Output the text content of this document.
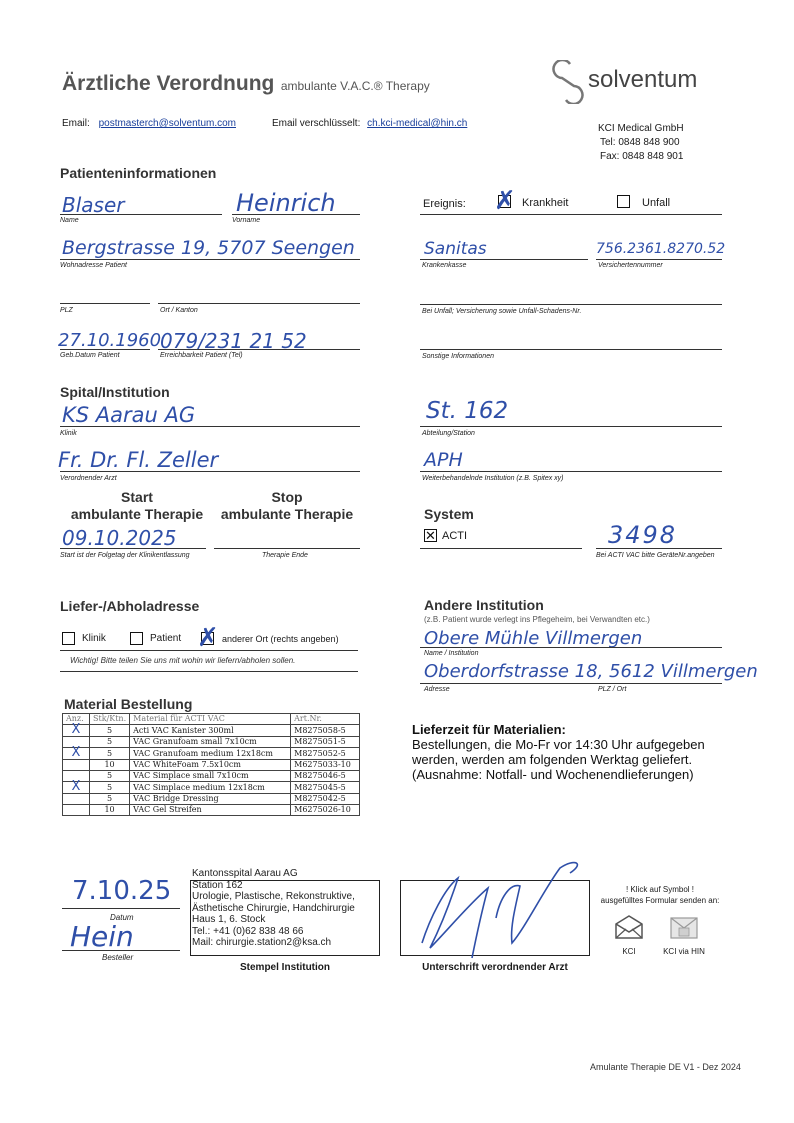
Ärztliche Verordnung ambulante V.A.C.® Therapy	solventum
Email: postmasterch@solventum.com	Email verschlüsselt: ch.kci-medical@hin.ch	KCI Medical GmbH
Tel: 0848 848 900
Fax: 0848 848 901
Patienteninformationen
Blaser
Name
Heinrich
Vorname
Bergstrasse 19, 5707 Seengen
Wohnadresse Patient
PLZ	Ort / Kanton
27.10.1960
Geb.Datum Patient
079/231 21 52
Erreichbarkeit Patient (Tel)
Ereignis: ✗ Krankheit	Unfall
Sanitas
Krankenkasse
756.2361.8270.52
Versichertennummer
Bei Unfall; Versicherung sowie Unfall-Schadens-Nr.
Sonstige Informationen
Spital/Institution
KS Aarau AG
Klinik
Fr. Dr. Fl. Zeller
Verordnender Arzt
St. 162
Abteilung/Station
APH
Weiterbehandelnde Institution (z.B. Spitex xy)
Start
ambulante Therapie
Stop
ambulante Therapie
09.10.2025
Start ist der Folgetag der Klinikentlassung	Therapie Ende
System
✕ ACTI	3498
Bei ACTI VAC bitte GeräteNr.angeben
Liefer-/Abholadresse
Klinik	Patient ✗ anderer Ort (rechts angeben)
Wichtig! Bitte teilen Sie uns mit wohin wir liefern/abholen sollen.
Andere Institution
(z.B. Patient wurde verlegt ins Pflegeheim, bei Verwandten etc.)
Obere Mühle Villmergen
Name / Institution
Oberdorfstrasse 18, 5612 Villmergen
Adresse	PLZ / Ort
Material Bestellung
Anz.	Stk/Ktn.	Material für ACTI VAC	Art.Nr.
X	5	Acti VAC Kanister 300ml	M8275058-5
	5	VAC Granufoam small 7x10cm	M8275051-5
X	5	VAC Granufoam medium 12x18cm	M8275052-5
	10	VAC WhiteFoam 7.5x10cm	M6275033-10
	5	VAC Simplace small 7x10cm	M8275046-5
X	5	VAC Simplace medium 12x18cm	M8275045-5
	5	VAC Bridge Dressing	M8275042-5
	10	VAC Gel Streifen	M6275026-10
Lieferzeit für Materialien:
Bestellungen, die Mo-Fr vor 14:30 Uhr aufgegeben
werden, werden am folgenden Werktag geliefert.
(Ausnahme: Notfall- und Wochenendlieferungen)
7.10.25
Datum
Hein
Besteller
Kantonsspital Aarau AG
Station 162
Urologie, Plastische, Rekonstruktive,
Ästhetische Chirurgie, Handchirurgie
Haus 1, 6. Stock
Tel.: +41 (0)62 838 48 66
Mail: chirurgie.station2@ksa.ch
Stempel Institution	Unterschrift verordnender Arzt
! Klick auf Symbol !
ausgefülltes Formular senden an:
KCI	KCI via HIN
Amulante Therapie DE V1 - Dez 2024
